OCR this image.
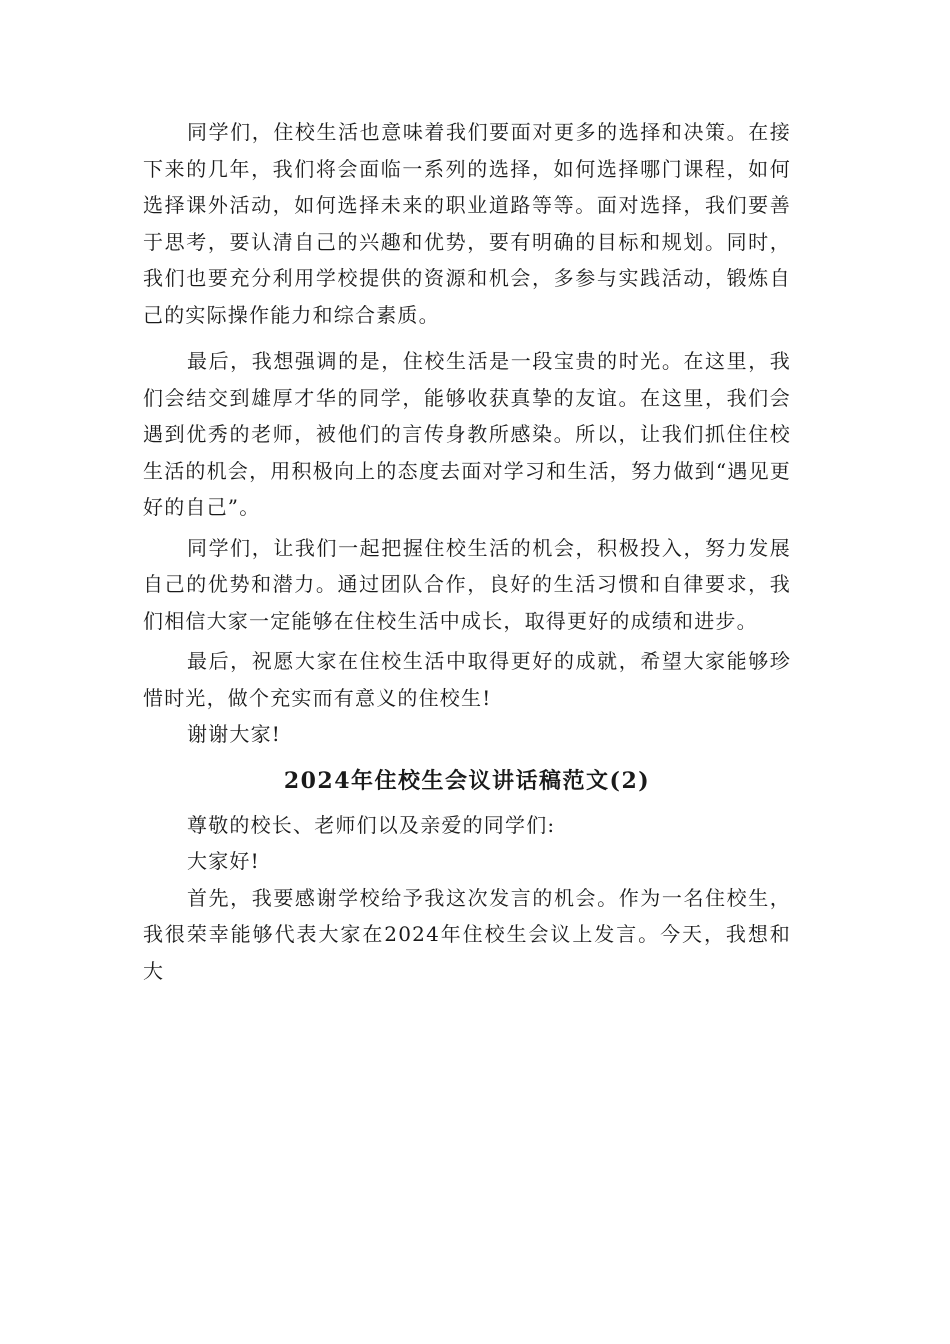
同学们，住校生活也意味着我们要面对更多的选择和决策。在接下来的几年，我们将会面临一系列的选择，如何选择哪门课程，如何选择课外活动，如何选择未来的职业道路等等。面对选择，我们要善于思考，要认清自己的兴趣和优势，要有明确的目标和规划。同时，我们也要充分利用学校提供的资源和机会，多参与实践活动，锻炼自己的实际操作能力和综合素质。

最后，我想强调的是，住校生活是一段宝贵的时光。在这里，我们会结交到雄厚才华的同学，能够收获真挚的友谊。在这里，我们会遇到优秀的老师，被他们的言传身教所感染。所以，让我们抓住住校生活的机会，用积极向上的态度去面对学习和生活，努力做到“遇见更好的自己”。

同学们，让我们一起把握住校生活的机会，积极投入，努力发展自己的优势和潜力。通过团队合作，良好的生活习惯和自律要求，我们相信大家一定能够在住校生活中成长，取得更好的成绩和进步。

最后，祝愿大家在住校生活中取得更好的成就，希望大家能够珍惜时光，做个充实而有意义的住校生!

谢谢大家!

2024年住校生会议讲话稿范文(2)

尊敬的校长、老师们以及亲爱的同学们:

大家好!

首先，我要感谢学校给予我这次发言的机会。作为一名住校生，我很荣幸能够代表大家在2024年住校生会议上发言。今天，我想和大
